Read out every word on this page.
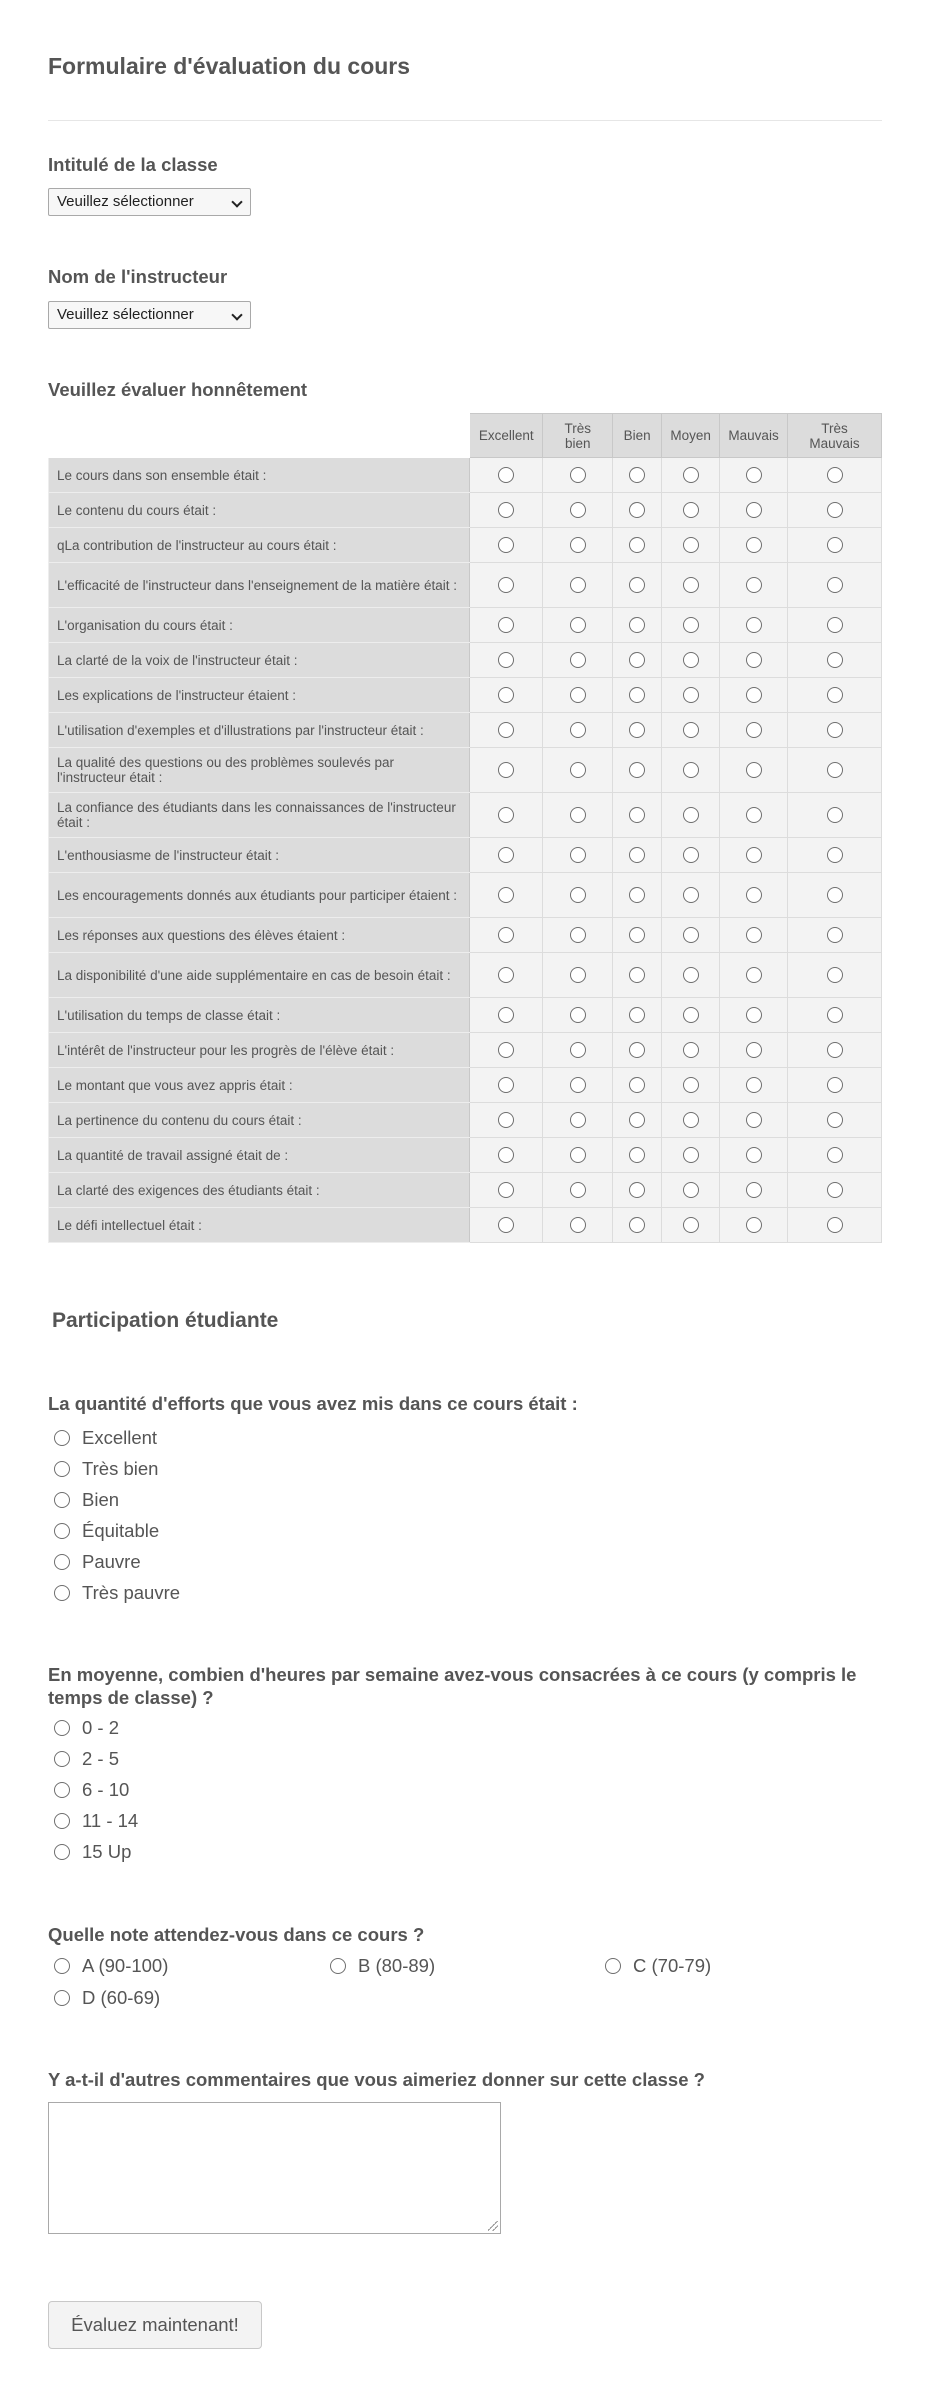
Formulaire d'évaluation du cours
Intitulé de la classe
Veuillez sélectionner
Nom de l'instructeur
Veuillez sélectionner
Veuillez évaluer honnêtement
	Excellent	Très bien	Bien	Moyen	Mauvais	Très Mauvais
Le cours dans son ensemble était :						
Le contenu du cours était :						
qLa contribution de l'instructeur au cours était :						
L'efficacité de l'instructeur dans l'enseignement de la matière était :						
L'organisation du cours était :						
La clarté de la voix de l'instructeur était :						
Les explications de l'instructeur étaient :						
L'utilisation d'exemples et d'illustrations par l'instructeur était :						
La qualité des questions ou des problèmes soulevés par l'instructeur était :						
La confiance des étudiants dans les connaissances de l'instructeur était :						
L'enthousiasme de l'instructeur était :						
Les encouragements donnés aux étudiants pour participer étaient :						
Les réponses aux questions des élèves étaient :						
La disponibilité d'une aide supplémentaire en cas de besoin était :						
L'utilisation du temps de classe était :						
L'intérêt de l'instructeur pour les progrès de l'élève était :						
Le montant que vous avez appris était :						
La pertinence du contenu du cours était :						
La quantité de travail assigné était de :						
La clarté des exigences des étudiants était :						
Le défi intellectuel était :						
Participation étudiante
La quantité d'efforts que vous avez mis dans ce cours était :
Excellent
Très bien
Bien
Équitable
Pauvre
Très pauvre
En moyenne, combien d'heures par semaine avez-vous consacrées à ce cours (y compris le
temps de classe) ?
0 - 2
2 - 5
6 - 10
11 - 14
15 Up
Quelle note attendez-vous dans ce cours ?
A (90-100)	B (80-89)	C (70-79)
D (60-69)
Y a-t-il d'autres commentaires que vous aimeriez donner sur cette classe ?
Évaluez maintenant!
